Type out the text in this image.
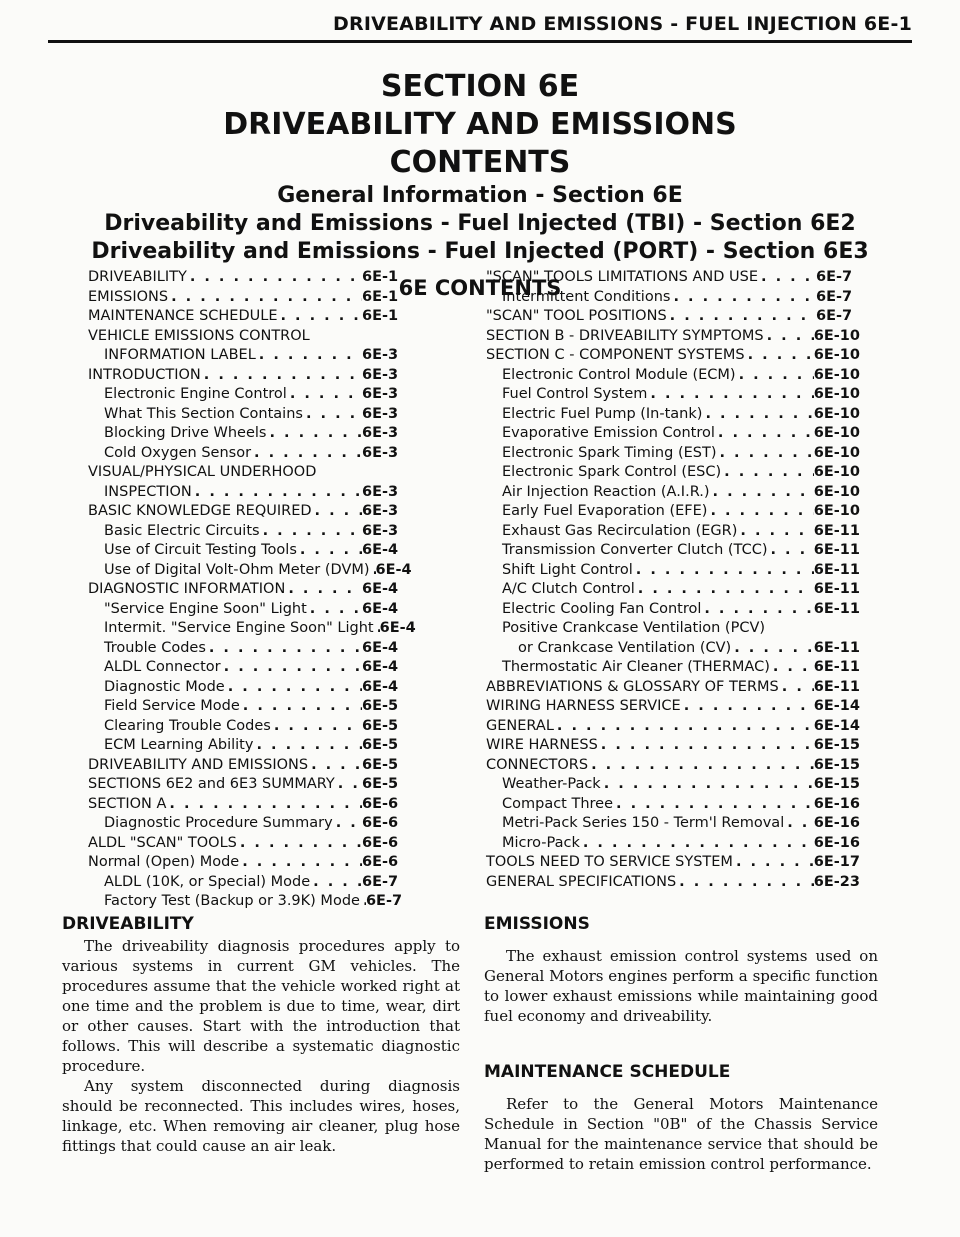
DRIVEABILITY AND EMISSIONS - FUEL INJECTION 6E-1
SECTION 6E
DRIVEABILITY AND EMISSIONS
CONTENTS
General Information - Section 6E
Driveability and Emissions - Fuel Injected (TBI) - Section 6E2
Driveability and Emissions - Fuel Injected (PORT) - Section 6E3
6E CONTENTS
DRIVEABILITY . . .	6E-1
EMISSIONS . . .	6E-1
MAINTENANCE SCHEDULE . . .	6E-1
VEHICLE EMISSIONS CONTROL
INFORMATION LABEL . . .	6E-3
INTRODUCTION . . .	6E-3
Electronic Engine Control . . .	6E-3
What This Section Contains . . .	6E-3
Blocking Drive Wheels . . .	6E-3
Cold Oxygen Sensor . . .	6E-3
VISUAL/PHYSICAL UNDERHOOD
INSPECTION . . .	6E-3
BASIC KNOWLEDGE REQUIRED . . .	6E-3
Basic Electric Circuits . . .	6E-3
Use of Circuit Testing Tools . . .	6E-4
Use of Digital Volt-Ohm Meter (DVM) . . . 6E-4
DIAGNOSTIC INFORMATION . . .	6E-4
"Service Engine Soon" Light . . .	6E-4
Intermit. "Service Engine Soon" Light . . . 6E-4
Trouble Codes . . .	6E-4
ALDL Connector . . .	6E-4
Diagnostic Mode . . .	6E-4
Field Service Mode . . .	6E-5
Clearing Trouble Codes . . .	6E-5
ECM Learning Ability . . .	6E-5
DRIVEABILITY AND EMISSIONS . . .	6E-5
SECTIONS 6E2 and 6E3 SUMMARY . . . 6E-5
SECTION A . . .	6E-6
Diagnostic Procedure Summary . . . 6E-6
ALDL "SCAN" TOOLS . . .	6E-6
Normal (Open) Mode . . .	6E-6
ALDL (10K, or Special) Mode . . .	6E-7
Factory Test (Backup or 3.9K) Mode . . . 6E-7
"SCAN" TOOLS LIMITATIONS AND USE . . .	6E-7
Intermittent Conditions . . .	6E-7
"SCAN" TOOL POSITIONS . . .	6E-7
SECTION B - DRIVEABILITY SYMPTOMS . . .	6E-10
SECTION C - COMPONENT SYSTEMS . . .	6E-10
Electronic Control Module (ECM) . . .	6E-10
Fuel Control System . . .	6E-10
Electric Fuel Pump (In-tank) . . .	6E-10
Evaporative Emission Control . . .	6E-10
Electronic Spark Timing (EST) . . .	6E-10
Electronic Spark Control (ESC) . . .	6E-10
Air Injection Reaction (A.I.R.) . . .	6E-10
Early Fuel Evaporation (EFE) . . .	6E-10
Exhaust Gas Recirculation (EGR) . . .	6E-11
Transmission Converter Clutch (TCC) . . .	6E-11
Shift Light Control . . .	6E-11
A/C Clutch Control . . .	6E-11
Electric Cooling Fan Control . . .	6E-11
Positive Crankcase Ventilation (PCV)
or Crankcase Ventilation (CV) . . .	6E-11
Thermostatic Air Cleaner (THERMAC) . . .	6E-11
ABBREVIATIONS & GLOSSARY OF TERMS . . . 6E-11
WIRING HARNESS SERVICE . . .	6E-14
GENERAL . . .	6E-14
WIRE HARNESS . . .	6E-15
CONNECTORS . . .	6E-15
Weather-Pack . . .	6E-15
Compact Three . . .	6E-16
Metri-Pack Series 150 - Term'l Removal . . . 6E-16
Micro-Pack . . .	6E-16
TOOLS NEED TO SERVICE SYSTEM . . .	6E-17
GENERAL SPECIFICATIONS . . .	6E-23
DRIVEABILITY

The driveability diagnosis procedures apply to various systems in current GM vehicles. The procedures assume that the vehicle worked right at one time and the problem is due to time, wear, dirt or other causes. Start with the introduction that follows. This will describe a systematic diagnostic procedure.

Any system disconnected during diagnosis should be reconnected. This includes wires, hoses, linkage, etc. When removing air cleaner, plug hose fittings that could cause an air leak.

EMISSIONS

The exhaust emission control systems used on General Motors engines perform a specific function to lower exhaust emissions while maintaining good fuel economy and driveability.

MAINTENANCE SCHEDULE

Refer to the General Motors Maintenance Schedule in Section "0B" of the Chassis Service Manual for the maintenance service that should be performed to retain emission control performance.
